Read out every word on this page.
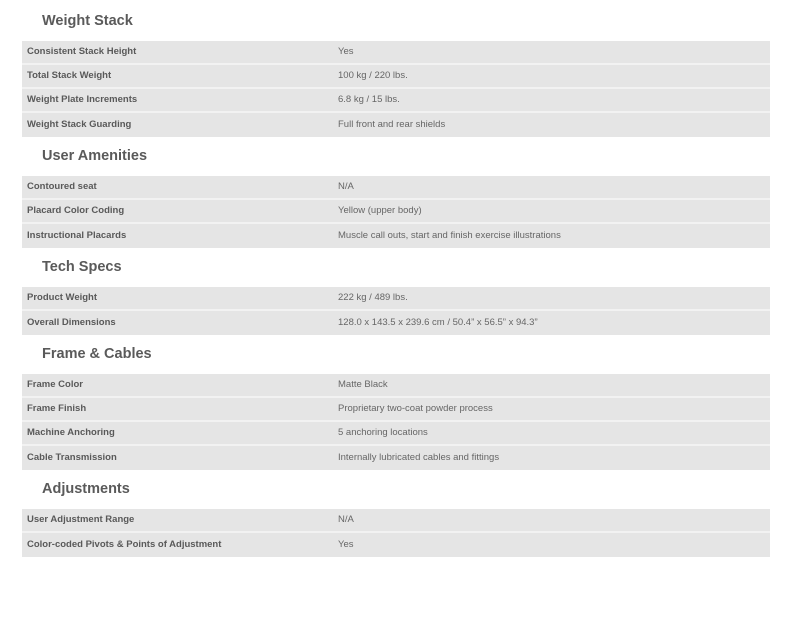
Weight Stack
Consistent Stack Height	Yes
Total Stack Weight	100 kg / 220 lbs.
Weight Plate Increments	6.8 kg / 15 lbs.
Weight Stack Guarding	Full front and rear shields
User Amenities
Contoured seat	N/A
Placard Color Coding	Yellow (upper body)
Instructional Placards	Muscle call outs, start and finish exercise illustrations
Tech Specs
Product Weight	222 kg / 489 lbs.
Overall Dimensions	128.0 x 143.5 x 239.6 cm / 50.4” x 56.5” x 94.3”
Frame & Cables
Frame Color	Matte Black
Frame Finish	Proprietary two-coat powder process
Machine Anchoring	5 anchoring locations
Cable Transmission	Internally lubricated cables and fittings
Adjustments
User Adjustment Range	N/A
Color-coded Pivots & Points of Adjustment	Yes
